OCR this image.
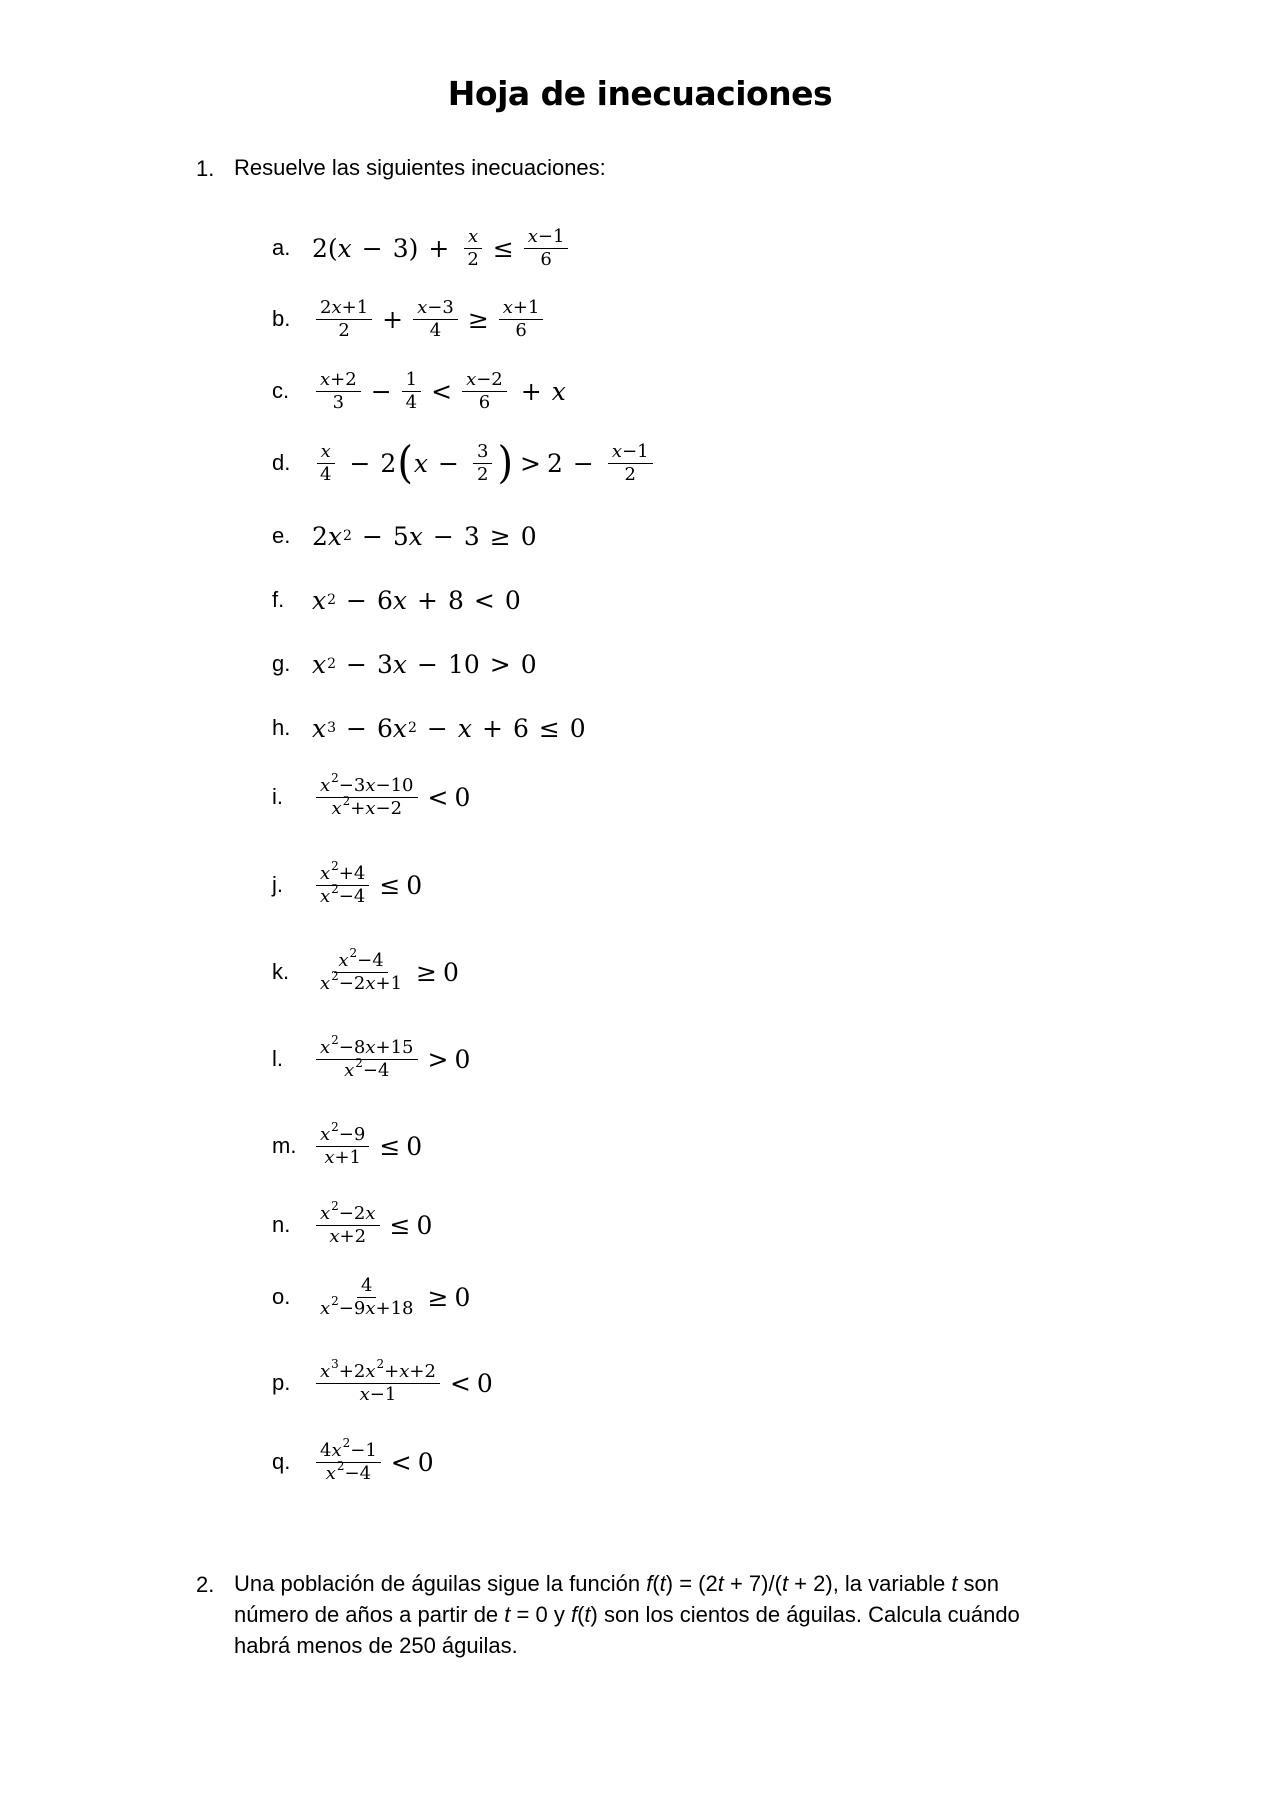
Hoja de inecuaciones
1. Resuelve las siguientes inecuaciones:
a. 2( $x - 3) + \frac{x}{2} \le \frac{x-1}{6}$
b.	$\frac{2x+1}{2} + \frac{x-3}{4} \ge \frac{x+1}{6}$
c.	$\frac{x+2}{3} - \frac{1}{4} < \frac{x-2}{6} + x$
d.	$\frac{x}{4} - 2$ ( $x - \frac{3}{2}$ ) > $2 - \frac{x-1}{2}$
e. 2 x 2 − 5 x − 3 ≥ 0
f.	x 2 − 6 x + 8 < 0
g. x 2 − 3 x − 10 > 0
h. x 3 − 6 x 2 − x + 6 ≤ 0
i.	$\frac{x^2-3x-10}{x^2+x-2} < 0$
j.	$\frac{x^2+4}{x^2-4} \le 0$
k.	$\frac{x^2-4}{x^2-2x+1} \ge 0$
l.	$\frac{x^2-8x+15}{x^2-4} > 0$
m.	$\frac{x^2-9}{x+1} \le 0$
n.	$\frac{x^2-2x}{x+2} \le 0$
o.	$\frac{4}{x^2-9x+18} \ge 0$
p.	$\frac{x^3+2x^2+x+2}{x-1} < 0$
q.	$\frac{4x^2-1}{x^2-4} < 0$
2. Una población de águilas sigue la función f(t) = (2t + 7)/(t + 2), la variable t son
número de años a partir de t = 0 y f(t) son los cientos de águilas. Calcula cuándo
habrá menos de 250 águilas.
